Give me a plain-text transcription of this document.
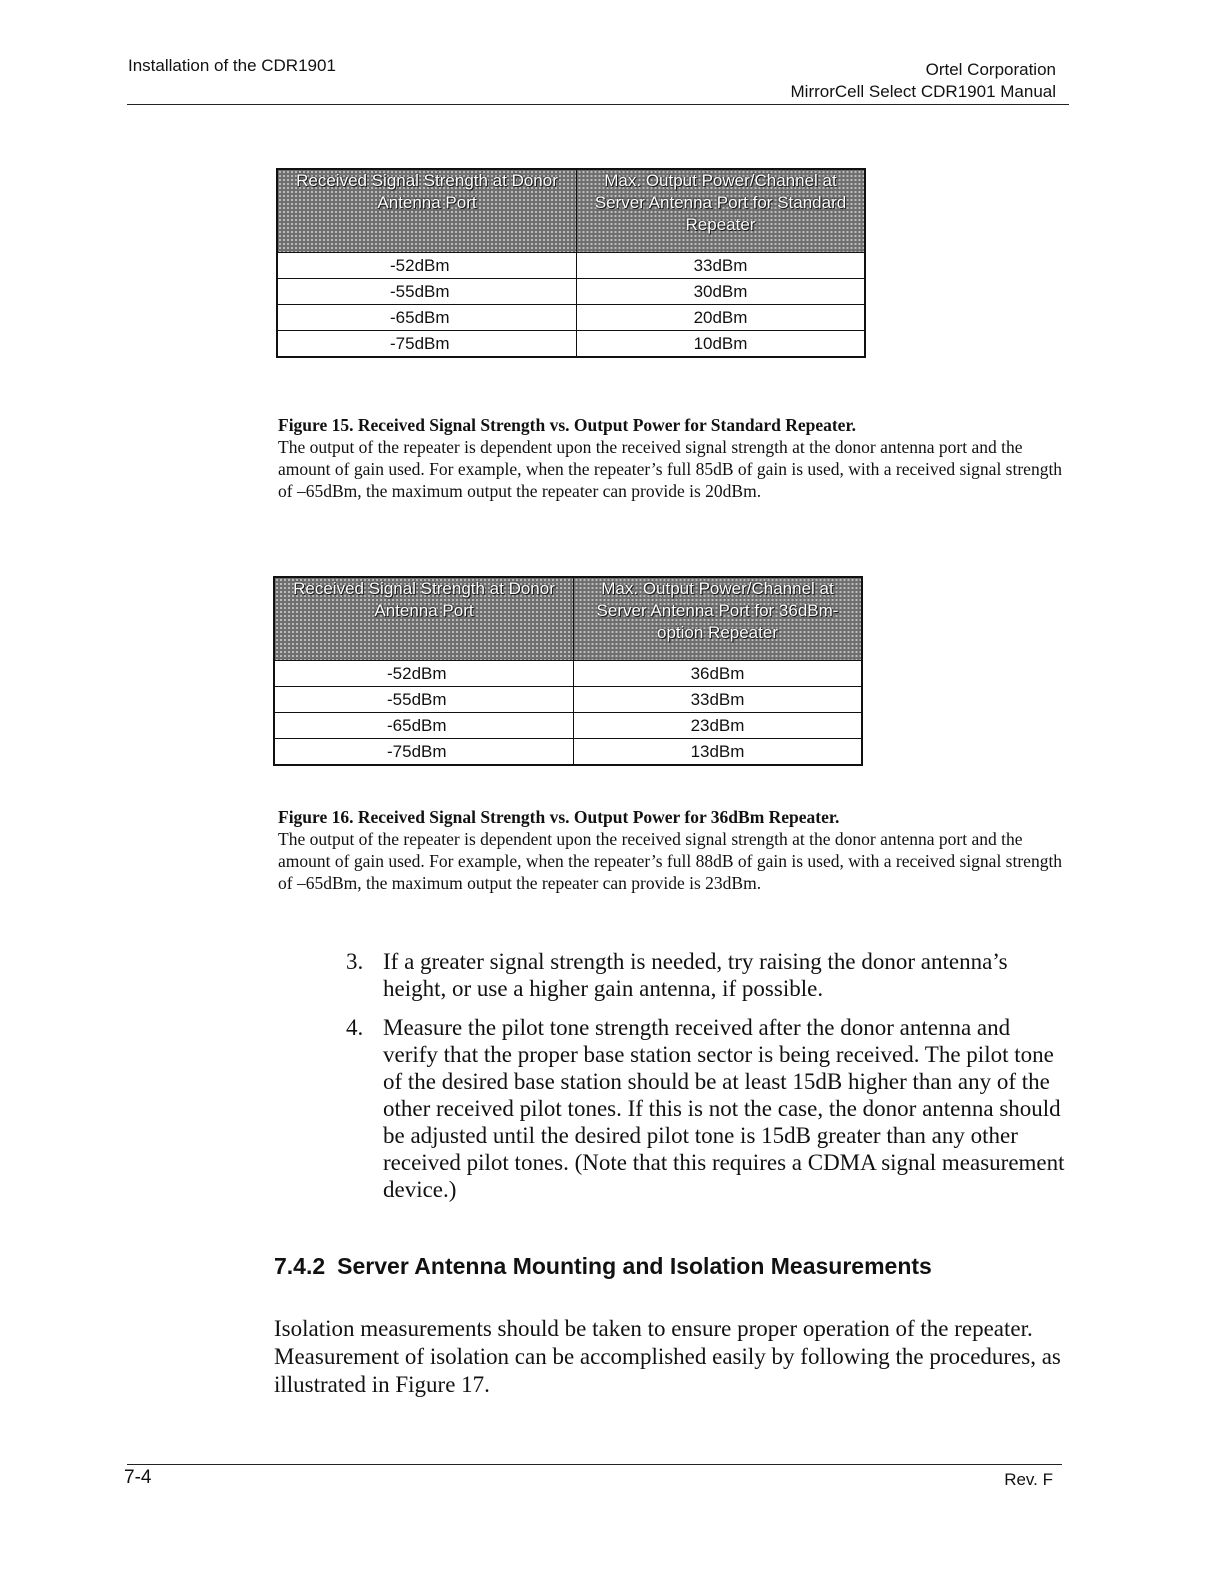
Installation of the CDR1901	Ortel Corporation
MirrorCell Select CDR1901 Manual
Received Signal Strength at Donor Antenna Port	Max. Output Power/Channel at Server Antenna Port for Standard Repeater
-52dBm	33dBm
-55dBm	30dBm
-65dBm	20dBm
-75dBm	10dBm
Figure 15. Received Signal Strength vs. Output Power for Standard Repeater.
The output of the repeater is dependent upon the received signal strength at the donor antenna port and the amount of gain used. For example, when the repeater’s full 85dB of gain is used, with a received signal strength of –65dBm, the maximum output the repeater can provide is 20dBm.
Received Signal Strength at Donor Antenna Port	Max. Output Power/Channel at Server Antenna Port for 36dBm-option Repeater
-52dBm	36dBm
-55dBm	33dBm
-65dBm	23dBm
-75dBm	13dBm
Figure 16. Received Signal Strength vs. Output Power for 36dBm Repeater.
The output of the repeater is dependent upon the received signal strength at the donor antenna port and the amount of gain used. For example, when the repeater’s full 88dB of gain is used, with a received signal strength of –65dBm, the maximum output the repeater can provide is 23dBm.
3. If a greater signal strength is needed, try raising the donor antenna’s height, or use a higher gain antenna, if possible.
4. Measure the pilot tone strength received after the donor antenna and verify that the proper base station sector is being received. The pilot tone of the desired base station should be at least 15dB higher than any of the other received pilot tones. If this is not the case, the donor antenna should be adjusted until the desired pilot tone is 15dB greater than any other received pilot tones. (Note that this requires a CDMA signal measurement device.)
7.4.2 Server Antenna Mounting and Isolation Measurements
Isolation measurements should be taken to ensure proper operation of the repeater. Measurement of isolation can be accomplished easily by following the procedures, as illustrated in Figure 17.
7-4	Rev. F
